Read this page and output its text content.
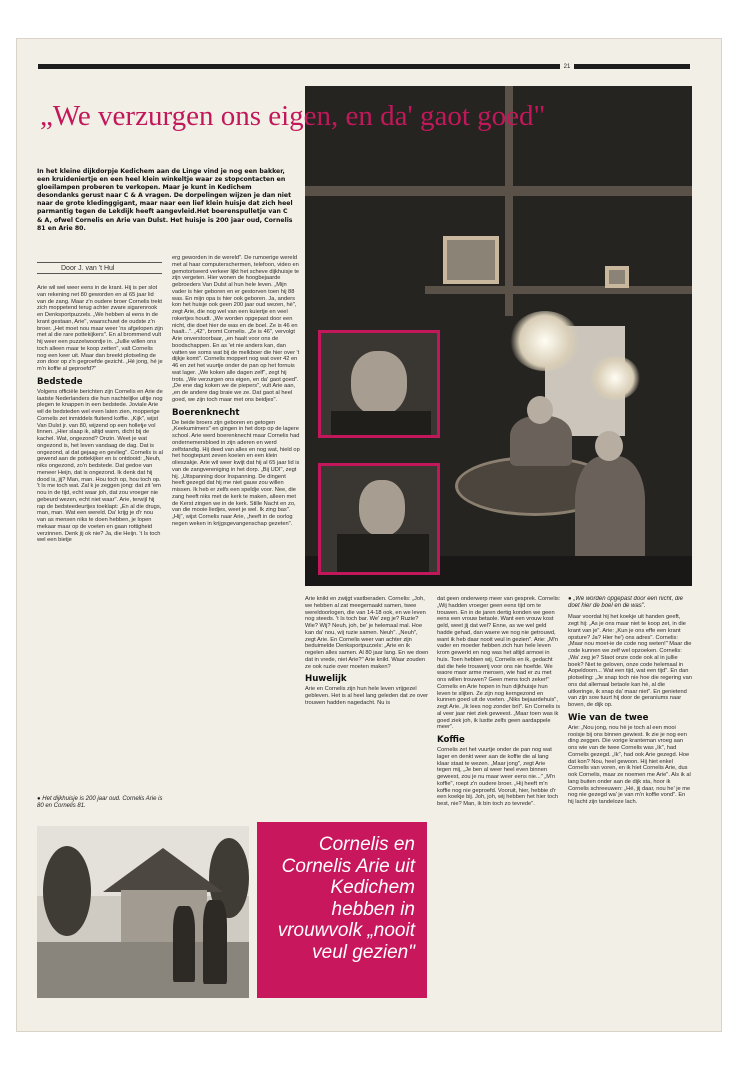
21
„We verzurgen ons eigen, en da' gaot goed"

In het kleine dijkdorpje Kedichem aan de Linge vind je nog een bakker, een kruideniertje en een heel klein winkeltje waar ze stopcontacten en gloeilampen proberen te verkopen. Maar je kunt in Kedichem desondanks gerust naar C & A vragen. De dorpelingen wijzen je dan niet naar de grote kledinggigant, maar naar een lief klein huisje dat zich heel parmantig tegen de Lekdijk heeft aangevleid.Het boerenspulletje van C & A, ofwel Cornelis en Arie van Dulst. Het huisje is 200 jaar oud, Cornelis 81 en Arie 80.

Door J. van 't Hul

Arie wil wel weer eens in de krant. Hij is per slot van rekening net 80 geworden en al 65 jaar lid van de zang. Maar z'n oudere broer Cornelis trekt zich moppetend terug achter zware sigarenrook en Denksportpuzzels. „We hebben al eens in de krant gestaan, Arie", waarschuwt de oudste z'n broer. „Het moet nou maar weer 'ns afgelopen zijn met al die rare pottekijkers". En al brommend vult hij weer een puzzelwoordje in. „Jullie willen ons toch alleen maar te koop zetten", valt Cornelis nog een keer uit. Maar dan breekt plotseling de zon door op z'n gegroefde gezicht. „Hé jong, hé je m'n koffie al geproefd?"

Bedstede

Volgens officiële berichten zijn Cornelis en Arie de laatste Nederlanders die hun nachtelijke uiltje nog plegen te knappen in een bedstede. Joviale Arie wil de bedsteden wel even laten zien, mopperige Cornelis zet inmiddels fluitend koffie. „Kijk", wijst Van Dulst jr. van 80, wijzend op een holletje vol linnen. „Hier slaap ik, altijd warm, dicht bij de kachel. Wat, ongezond? Onzin. Weet je wat ongezond is, het leven vandaag de dag. Dat is ongezond, al dat gejaag en gevlieg". Cornelis is al gewend aan de pottekijker en is ontdooid: „Neuh, niks ongezond, zo'n bedstede. Dat gedoe van meneer Heijn, dat is ongezond. Ik denk dat hij dood is, jij? Man, man. Hou toch op, hou toch op. 't Is me toch wat. Zal k je zeggen jong: dat zit 'em nou in de tijd, echt waar joh, dat zou vroeger nie gebeurd wezen, echt niet waar". Arie, terwijl hij rap de bedsteedeurtjes toeklapt: „En al die drugs, man, man. Wat een wereld. Da' krijg je d'r nou van as mensen niks te doen hebben, je lopen mekaar maar op de voeten en gaan rottigheid verzinnen. Denk jij ok nie? Ja, die Heijn. 't Is toch wel een bietje

● Het dijkhuisje is 200 jaar oud. Cornelis Arie is 80 en Cornelis 81.

erg geworden in de wereld". De rumoerige wereld met al haar computerschermen, telefoon, video en gemotoriseerd verkeer lijkt het scheve dijkhuisje te zijn vergeten. Hier wonen de hoogbejaarde gebroeders Van Dulst al hun hele leven. „Mijn vader is hier geboren en er gestorven toen hij 88 was. En mijn opa is hier ook geboren. Ja, anders kon het huisje ook geen 200 jaar oud wezen, hè", zegt Arie, die nog wel van een kuiertje en veel rokertjes houdt. „We worden opgepast door een nicht, die doet hier de was en de boel. Ze is 46 en haalt...". „42", bromt Cornelis. „Ze is 46", vervolgt Arie onverstoorbaar, „en haalt voor ons de boodschappen. En as 'et nie anders kan, dan vatten we soms wat bij de melkboer die hier over 't dijkje komt". Cornelis moppert nog wat over 42 en 46 en zet het vuurtje onder de pan op het fornuis wat lager. „We koken alle dagen zelf", zegt hij trots. „We verzurgen ons eigen, en da' gaot goed". „De ene dag koken we de piepers", vult Arie aan, „en de andere dag braie we ze. Dat gaot al heel goed, we zijn toch maar met ons beidjes".

Boerenknecht

De beide broers zijn geboren en getogen „Keekumimers" en gingen in het dorp op de lagere school. Arie werd boerenknecht maar Cornelis had ondernemersbloed in zijn aderen en werd zelfstandig. Hij deed van alles en nog wat, hield op het hoogtepunt zeven koeien en een klein olieszakje. Arie wil weer kwijt dat hij al 65 jaar lid is van de zangvereniging in het dorp. „Bij UDI", zegt hij. „Uitspanning door Inspanning. De dingent heeft gezegd dat hij me niet gauw zou willen missen. Ik heb er zelfs een speldje voor. Nee, die zang heeft niks met de kerk te maken, alleen met de Kerst zingen we in de kerk. Stille Nacht en zo, van die mooie liedjes, weet je wel. Ik zing bas". „Hij", wijst Cornelis naar Arie, „heeft in de oorlog negen weken in krijgsgevangenschap gezeten".

Arie knikt en zwijgt vastberaden. Cornelis: „Joh, we hebben al zat meegemaakt samen, twee wereldoorlogen, die van 14-18 ook, en we leven nog steeds. 't Is toch bar. We' zeg je? Ruzie? Wie? Wij? Neuh, joh, be' je helemaal mal. Hoe kan da' nou, wij ruzie samen. Neuh". „Neuh", zegt Arie. En Cornelis weer van achter zijn beduimelde Denksportpuzzels: „Arie en ik regelen alles samen. Al 80 jaar lang. En we doen dat in vrede, niet Arie?" Arie knikt. Waar zouden ze ook ruzie over moeten maken?

Huwelijk

Arie en Cornelis zijn hun hele leven vrijgezel gebleven. Het is al heel lang geleden dat ze over trouwen hadden nagedacht. Nu is

dat geen onderwerp meer van gesprek. Cornelis: „Wij hadden vroeger geen eens tijd om te trouwen. En in de jaren dertig konden we geen eens een vrouw betaole. Want een vrouw kost geld, weet jij dat wel? Enne, as we wel geld hadde gehad, dan waere we nog nie getrouwd, want ik heb daar nooit veul in gezien". Arie: „M'n vader en moeder hebben zich hun hele leven krom gewerkt en nog was het altijd armoei in huis. Toen hebben wij, Cornelis en ik, gedacht dat die hele trouwerij voor ons nie hoefde. We waore maor arme mensen, wie had er zu met ons willen trouwen? Geen mens toch zeker!" Cornelis en Arie hopen in hun dijkhuisje hun leven te slijten. Ze zijn nog kerngezond en kunnen goed uit de voeten. „Niks bejaardehuis", zegt Arie. „Ik lees nog zonder bril". En Cornelis is al veer jaar niet ziek geweest. „Maar toen was ik goed ziek joh, ik lustte zelfs geen aardappele meer".

Koffie

Cornelis zet het vuurtje onder de pan nog wat lager en denkt weer aan de koffie die al lang klaar staat te wezen. „Maar jong", zegt Arie tegen mij, „Je ben al weer heel even binnen geweest, zou je nu maar weer eens nie..." „M'n koffie", roept z'n oudere broer. „Hij heeft m'n koffie nog nie geproefd. Vooruit, hier, hebbie d'r een koekje bij. Joh, joh, wij hebben het hier toch best, nie? Man, ik bin toch zo tevrede".

● „We worden opgepast door een nicht, die doet hier de boel en de was".

Maar voordat hij het koekje uit handen geeft, zegt hij: „As je ons maar niet te koop zet, in die krant van je". Arie: „Kun je ons effe een krant opsture? Ja? Hier he') ons adres". Cornelis: „Maar nou moet-ie de code nog weten!" Maar die code kunnen we zelf wel opzoeken. Cornelis: „Wa' zeg je? Staot onze code ook al in jullie boek? Niet te geloven, onze code helemaal in Aopeldoorn... Wat een tijd, wat een tijd". En dan plotseling: „Je snap toch nie hoe die regering van ons dat allemaal betaole kan hè, al die uitkeringe, ik snap da' maar niet". En genietend van zijn sow tuurt hij door de geraniums naar boven, de dijk op.

Wie van de twee

Arie: „Nou jong, nou hè je toch al een mooi rooisje bij ons binnen gewiest. Ik zie je nog een ding zeggen. Die vorige kranteman vroeg aan ons wie van de twee Cornelis was „Ik", had Cornelis gezegd. „Ik", had ook Arie gezegd. Hoe dat kon? Nou, heel gewoon. Hij hiet enkel Cornelis van voren, en ik hiet Cornelis Arie, dus ook Cornelis, maar ze noemen me Arie". Als ik al lang buiten onder aan de dijk sta, hoor ik Cornelis schreeuwen: „Hé, jij daar, nou he' je me nog nie gezegd wa' je van m'n koffie vond". En hij lacht zijn tandeloze lach.

Cornelis en Cornelis Arie uit Kedichem hebben in vrouwvolk „nooit veul gezien"
